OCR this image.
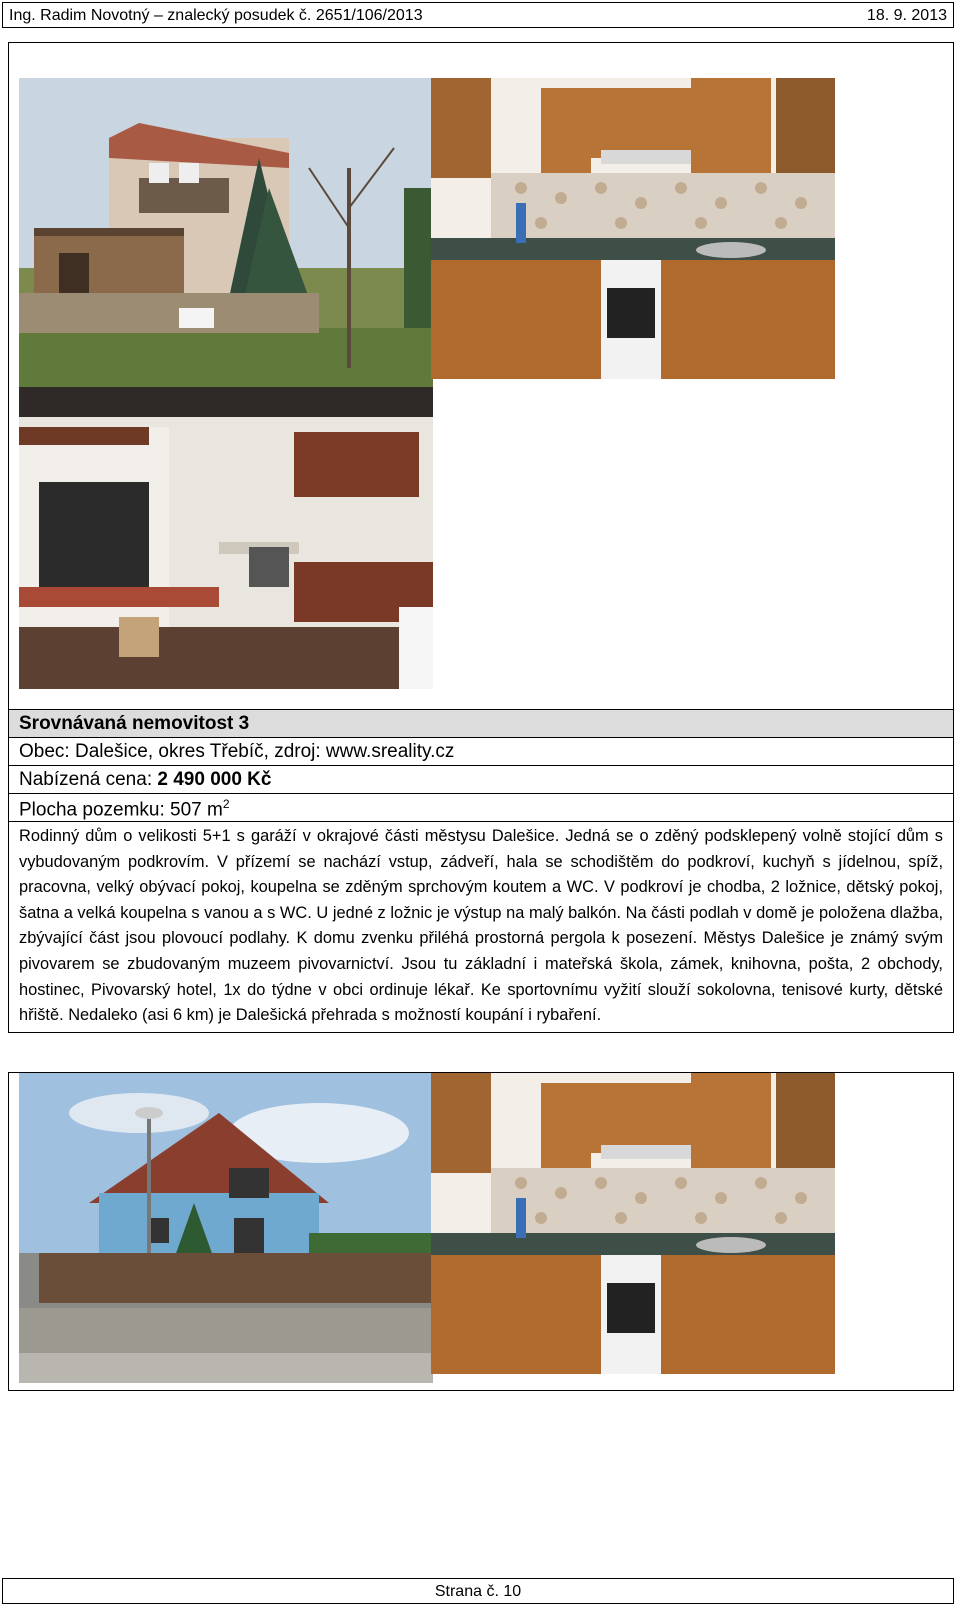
Ing. Radim Novotný – znalecký posudek č. 2651/106/2013	18. 9. 2013
Srovnávaná nemovitost 3
Obec: Dalešice, okres Třebíč, zdroj: www.sreality.cz
Nabízená cena: 2 490 000 Kč
Plocha pozemku: 507 $m^2$
Rodinný dům o velikosti 5+1 s garáží v okrajové části městysu Dalešice. Jedná se o zděný podsklepený volně stojící dům s vybudovaným podkrovím. V přízemí se nachází vstup, zádveří, hala se schodištěm do podkroví, kuchyň s jídelnou, spíž, pracovna, velký obývací pokoj, koupelna se zděným sprchovým koutem a WC. V podkroví je chodba, 2 ložnice, dětský pokoj, šatna a velká koupelna s vanou a s WC. U jedné z ložnic je výstup na malý balkón. Na části podlah v domě je položena dlažba, zbývající část jsou plovoucí podlahy. K domu zvenku přiléhá prostorná pergola k posezení. Městys Dalešice je známý svým pivovarem se zbudovaným muzeem pivovarnictví. Jsou tu základní i mateřská škola, zámek, knihovna, pošta, 2 obchody, hostinec, Pivovarský hotel, 1x do týdne v obci ordinuje lékař. Ke sportovnímu vyžití slouží sokolovna, tenisové kurty, dětské hřiště. Nedaleko (asi 6 km) je Dalešická přehrada s možností koupání i rybaření.
Strana č. 10
